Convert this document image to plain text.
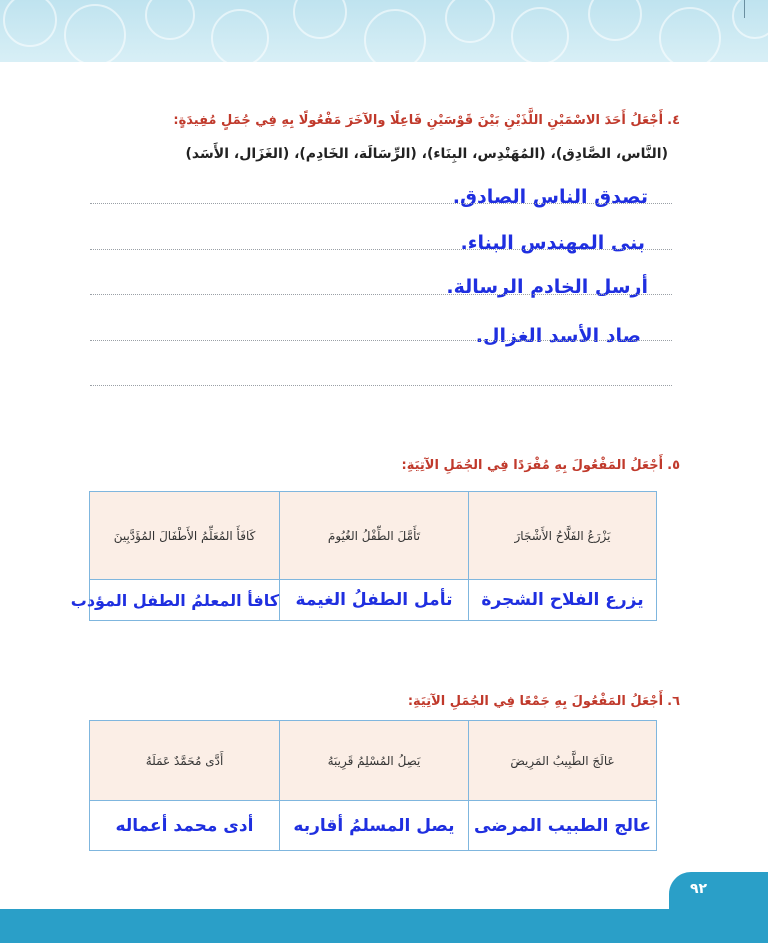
٤.أَجْعَلُ أَحَدَ الاسْمَيْنِ اللَّذَيْنِ بَيْنَ قَوْسَيْنِ فَاعِلًا والآخَرَ مَفْعُولًا بِهِ فِي جُمَلٍ مُفِيدَةٍ:
(النَّاس، الصَّادِق)، (المُهَنْدِس، البِنَاء)، (الرِّسَالَة، الخَادِم)، (الغَزَال، الأَسَد)
تصدق الناس الصادق.
بنى المهندس البناء.
أرسل الخادم الرسالة.
صاد الأسد الغزال.
٥.أَجْعَلُ المَفْعُولَ بِهِ مُفْرَدًا فِي الجُمَلِ الآتِيَةِ:
يَزْرَعُ الفَلَّاحُ الأَشْجَارَ	تَأَمَّلَ الطِّفْلُ الغُيُومَ	كَافَأَ المُعَلِّمُ الأَطْفَالَ المُؤَدَّبِينَ
يزرع الفلاح الشجرة	تأمل الطفلُ الغيمة	كافأ المعلمُ الطفل المؤدب
٦.أَجْعَلُ المَفْعُولَ بِهِ جَمْعًا فِي الجُمَلِ الآتِيَةِ:
عَالَجَ الطَّبِيبُ المَرِيضَ	يَصِلُ المُسْلِمُ قَرِيبَهُ	أَدَّى مُحَمَّدٌ عَمَلَهُ
عالج الطبيب المرضى	يصل المسلمُ أقاربه	أدى محمد أعماله
٩٢
